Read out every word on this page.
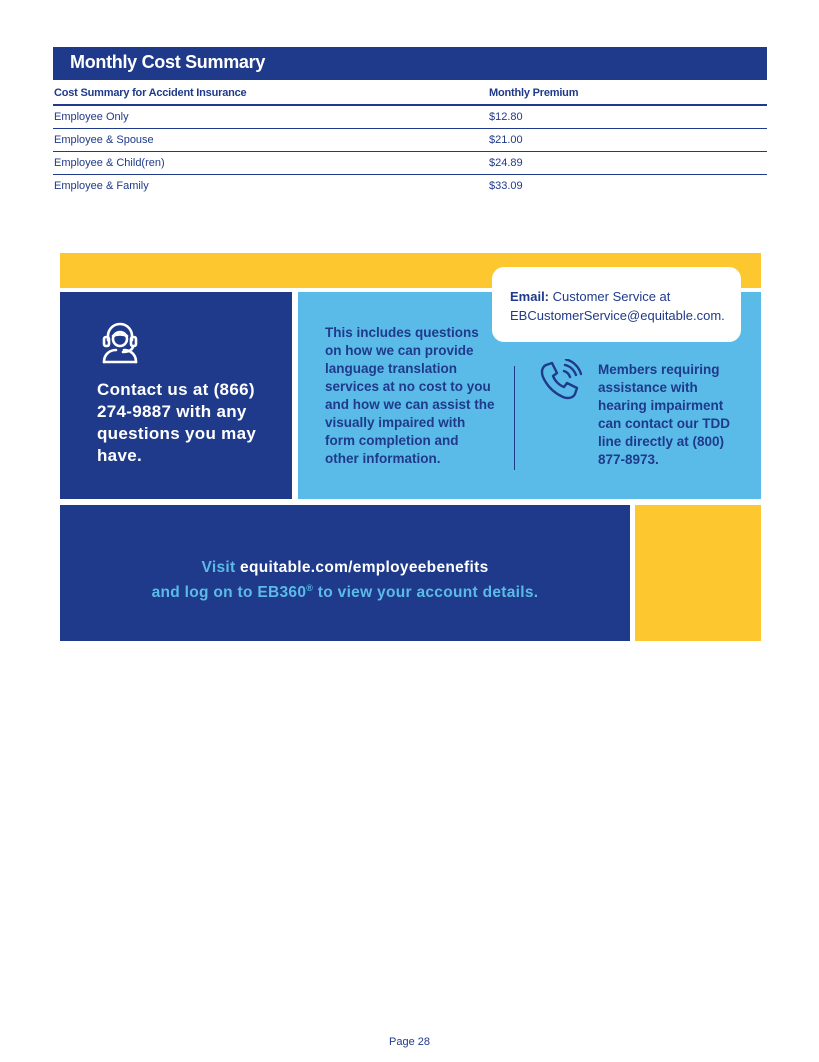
Monthly Cost Summary
Cost Summary for Accident Insurance	Monthly Premium
Employee Only	$12.80
Employee & Spouse	$21.00
Employee & Child(ren)	$24.89
Employee & Family	$33.09
Contact us at (866) 274-9887 with any questions you may have.
This includes questions on how we can provide language translation services at no cost to you and how we can assist the visually impaired with form completion and other information.
Members requiring assistance with hearing impairment can contact our TDD line directly at (800) 877-8973.
Email: Customer Service at
EBCustomerService@equitable.com.
Visit equitable.com/employeebenefits
and log on to EB360® to view your account details.
Page 28
